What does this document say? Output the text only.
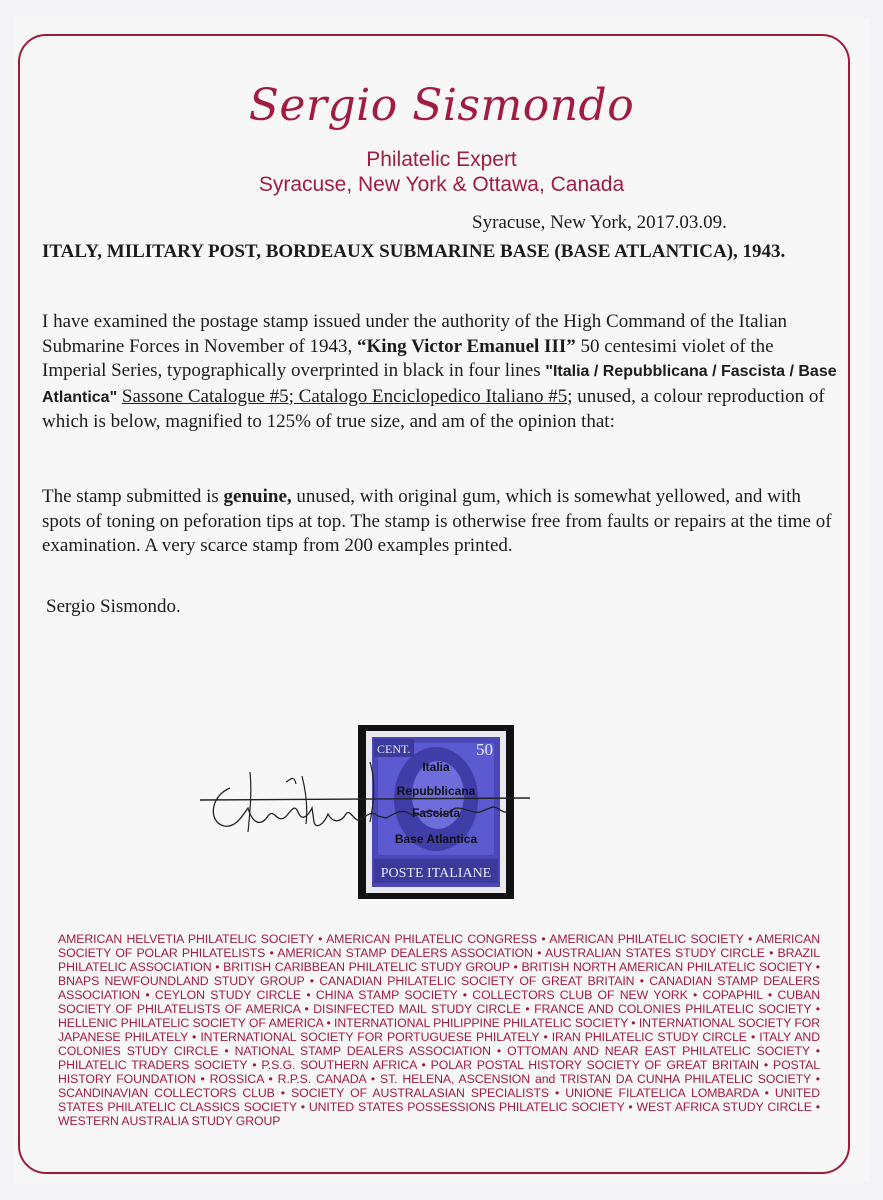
Sergio Sismondo
Philatelic Expert
Syracuse, New York & Ottawa, Canada
Syracuse, New York, 2017.03.09.
ITALY, MILITARY POST, BORDEAUX SUBMARINE BASE (BASE ATLANTICA), 1943.
I have examined the postage stamp issued under the authority of the High Command of the Italian Submarine Forces in November of 1943, “King Victor Emanuel III” 50 centesimi violet of the Imperial Series, typographically overprinted in black in four lines "Italia / Repubblicana / Fascista / Base Atlantica" Sassone Catalogue #5; Catalogo Enciclopedico Italiano #5; unused, a colour reproduction of which is below, magnified to 125% of true size, and am of the opinion that:
The stamp submitted is genuine, unused, with original gum, which is somewhat yellowed, and with spots of toning on peforation tips at top. The stamp is otherwise free from faults or repairs at the time of examination. A very scarce stamp from 200 examples printed.
Sergio Sismondo.
CENT.	50
Italia
Repubblicana
Fascista
Base Atlantica
POSTE ITALIANE
AMERICAN HELVETIA PHILATELIC SOCIETY • AMERICAN PHILATELIC CONGRESS • AMERICAN PHILATELIC SOCIETY • AMERICAN SOCIETY OF POLAR PHILATELISTS • AMERICAN STAMP DEALERS ASSOCIATION • AUSTRALIAN STATES STUDY CIRCLE • BRAZIL PHILATELIC ASSOCIATION • BRITISH CARIBBEAN PHILATELIC STUDY GROUP • BRITISH NORTH AMERICAN PHILATELIC SOCIETY • BNAPS NEWFOUNDLAND STUDY GROUP • CANADIAN PHILATELIC SOCIETY OF GREAT BRITAIN • CANADIAN STAMP DEALERS ASSOCIATION • CEYLON STUDY CIRCLE • CHINA STAMP SOCIETY • COLLECTORS CLUB OF NEW YORK • COPAPHIL • CUBAN SOCIETY OF PHILATELISTS OF AMERICA • DISINFECTED MAIL STUDY CIRCLE • FRANCE AND COLONIES PHILATELIC SOCIETY • HELLENIC PHILATELIC SOCIETY OF AMERICA • INTERNATIONAL PHILIPPINE PHILATELIC SOCIETY • INTERNATIONAL SOCIETY FOR JAPANESE PHILATELY • INTERNATIONAL SOCIETY FOR PORTUGUESE PHILATELY • IRAN PHILATELIC STUDY CIRCLE • ITALY AND COLONIES STUDY CIRCLE • NATIONAL STAMP DEALERS ASSOCIATION • OTTOMAN AND NEAR EAST PHILATELIC SOCIETY • PHILATELIC TRADERS SOCIETY • P.S.G. SOUTHERN AFRICA • POLAR POSTAL HISTORY SOCIETY OF GREAT BRITAIN • POSTAL HISTORY FOUNDATION • ROSSICA • R.P.S. CANADA • ST. HELENA, ASCENSION and TRISTAN DA CUNHA PHILATELIC SOCIETY • SCANDINAVIAN COLLECTORS CLUB • SOCIETY OF AUSTRALASIAN SPECIALISTS • UNIONE FILATELICA LOMBARDA • UNITED STATES PHILATELIC CLASSICS SOCIETY • UNITED STATES POSSESSIONS PHILATELIC SOCIETY • WEST AFRICA STUDY CIRCLE • WESTERN AUSTRALIA STUDY GROUP
